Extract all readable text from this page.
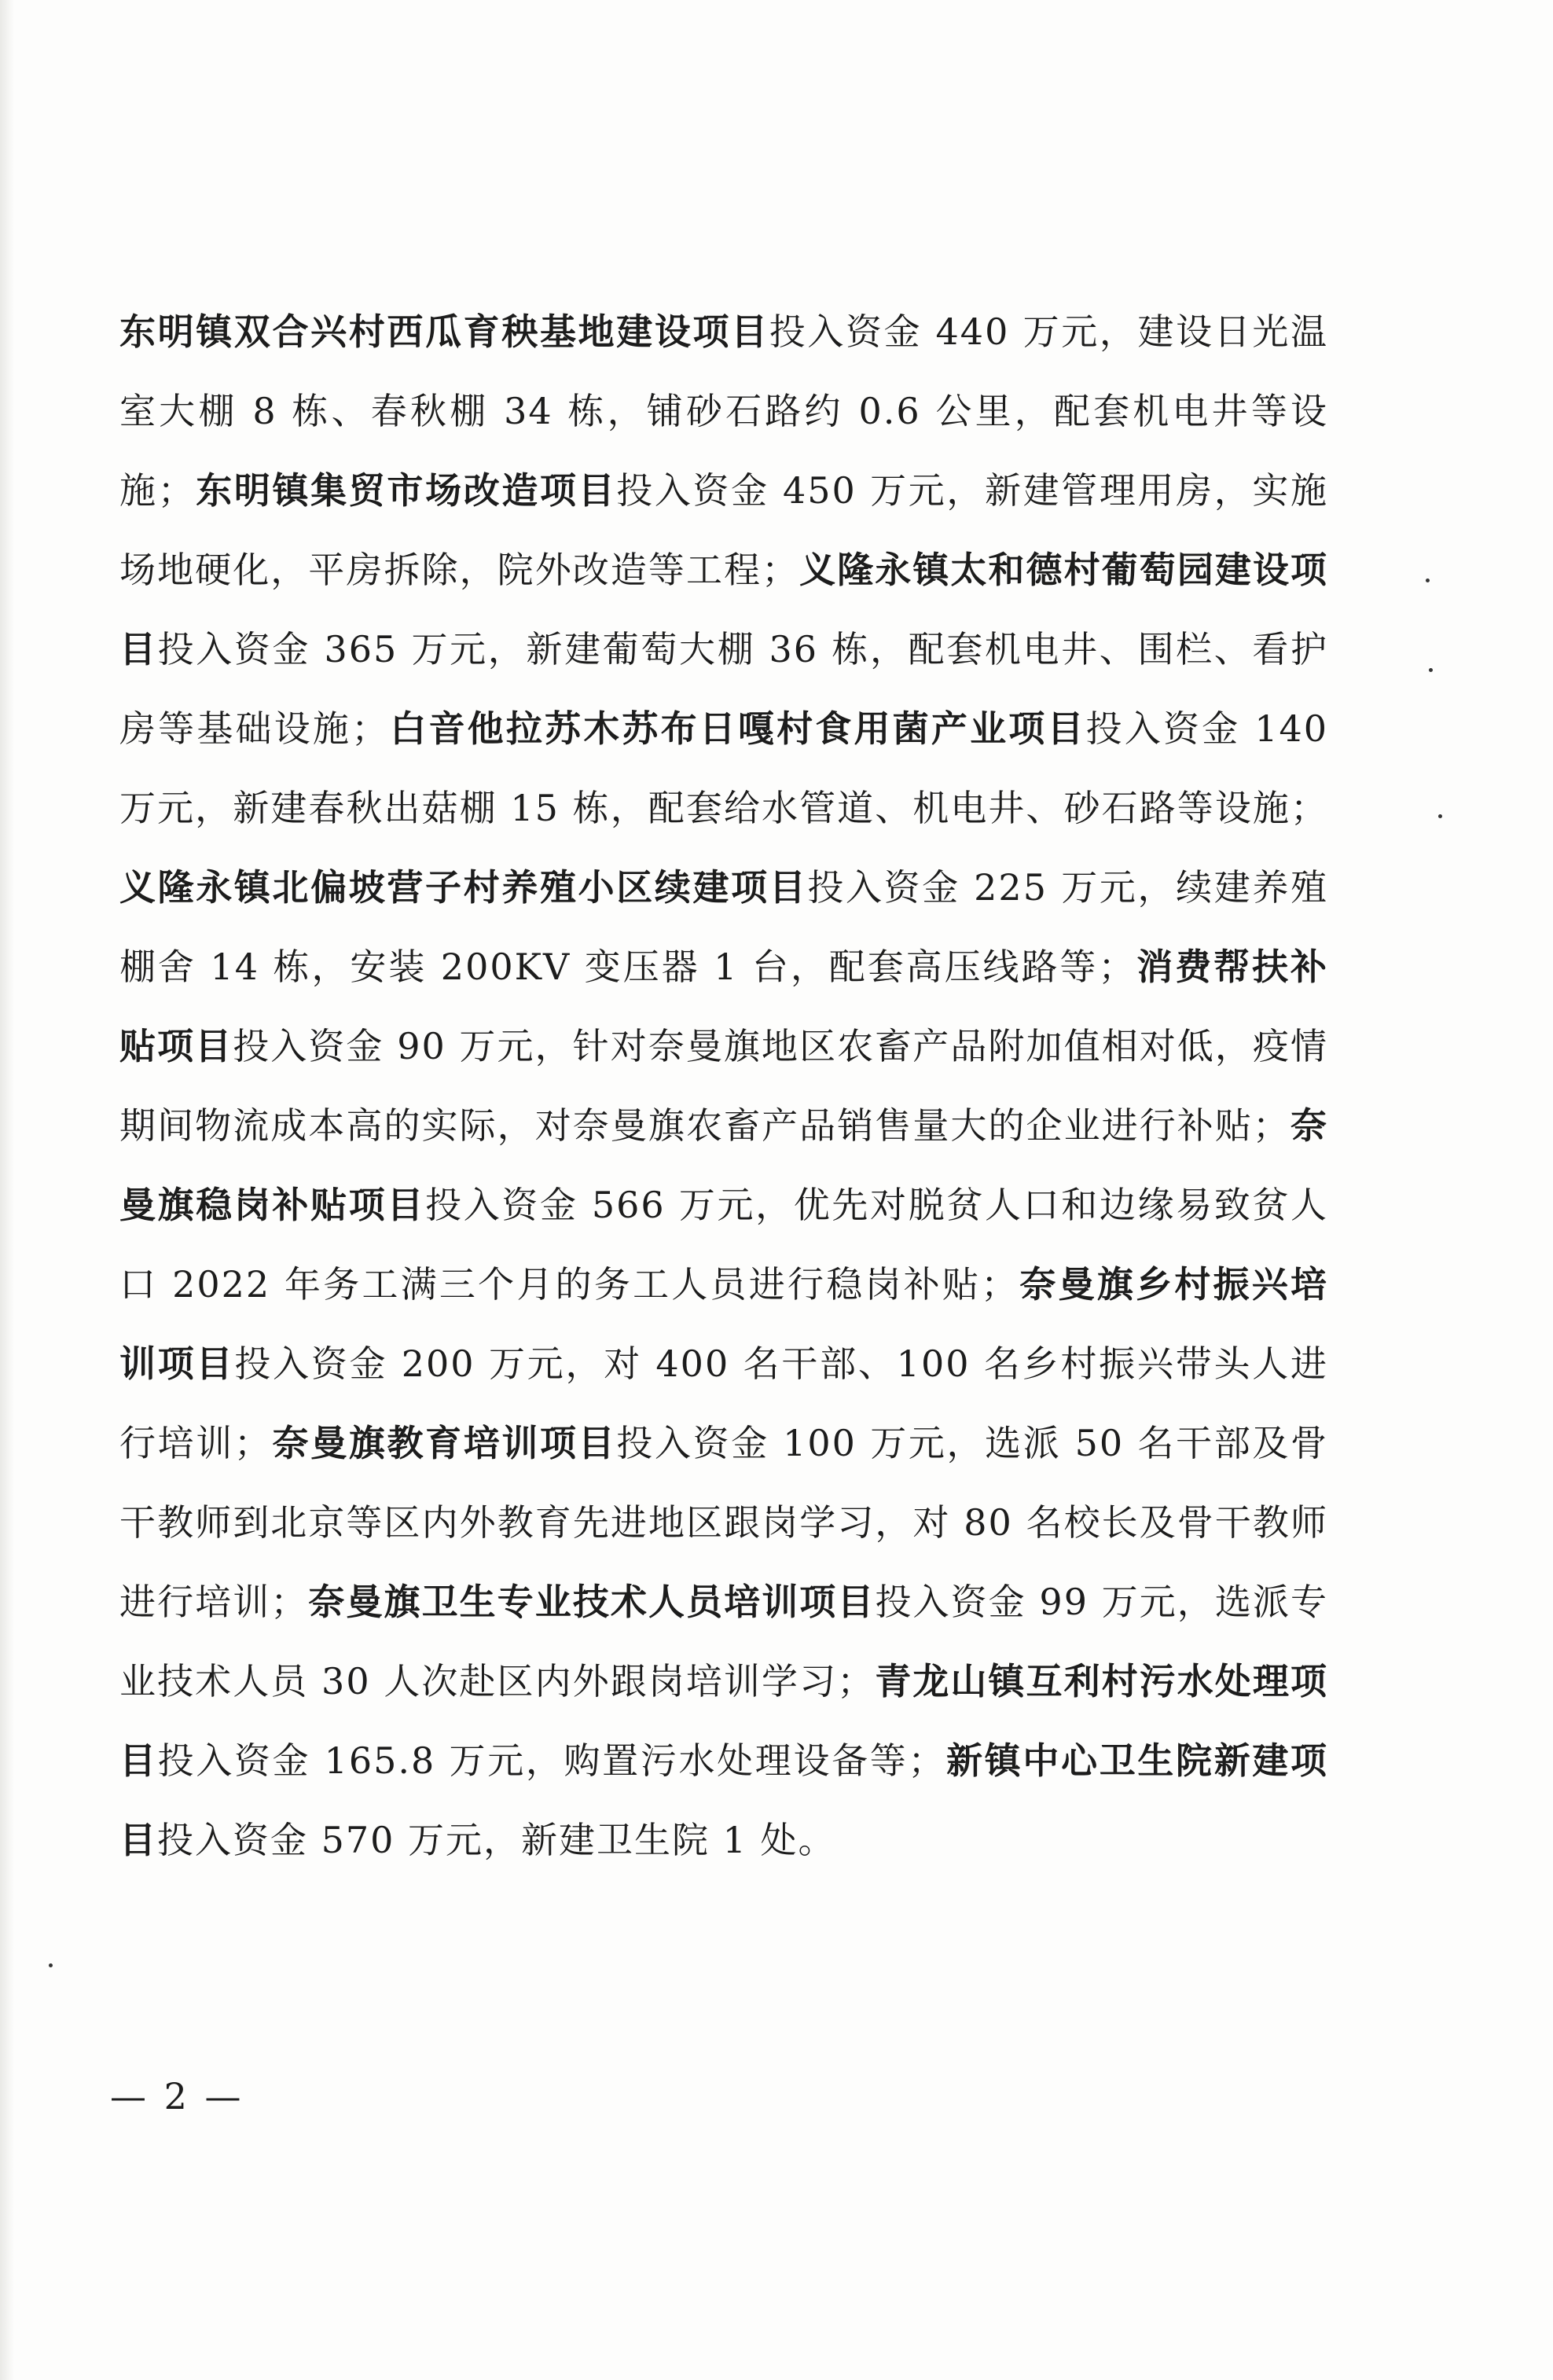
东明镇双合兴村西瓜育秧基地建设项目投入资金 440 万元，建设日光温室大棚 8 栋、春秋棚 34 栋，铺砂石路约 0.6 公里，配套机电井等设施；东明镇集贸市场改造项目投入资金 450 万元，新建管理用房，实施场地硬化，平房拆除，院外改造等工程；义隆永镇太和德村葡萄园建设项目投入资金 365 万元，新建葡萄大棚 36 栋，配套机电井、围栏、看护房等基础设施；白音他拉苏木苏布日嘎村食用菌产业项目投入资金 140 万元，新建春秋出菇棚 15 栋，配套给水管道、机电井、砂石路等设施；义隆永镇北偏坡营子村养殖小区续建项目投入资金 225 万元，续建养殖棚舍 14 栋，安装 200KV 变压器 1 台，配套高压线路等；消费帮扶补贴项目投入资金 90 万元，针对奈曼旗地区农畜产品附加值相对低，疫情期间物流成本高的实际，对奈曼旗农畜产品销售量大的企业进行补贴；奈曼旗稳岗补贴项目投入资金 566 万元，优先对脱贫人口和边缘易致贫人口 2022 年务工满三个月的务工人员进行稳岗补贴；奈曼旗乡村振兴培训项目投入资金 200 万元，对 400 名干部、100 名乡村振兴带头人进行培训；奈曼旗教育培训项目投入资金 100 万元，选派 50 名干部及骨干教师到北京等区内外教育先进地区跟岗学习，对 80 名校长及骨干教师进行培训；奈曼旗卫生专业技术人员培训项目投入资金 99 万元，选派专业技术人员 30 人次赴区内外跟岗培训学习；青龙山镇互利村污水处理项目投入资金 165.8 万元，购置污水处理设备等；新镇中心卫生院新建项目投入资金 570 万元，新建卫生院 1 处。
— 2 —
